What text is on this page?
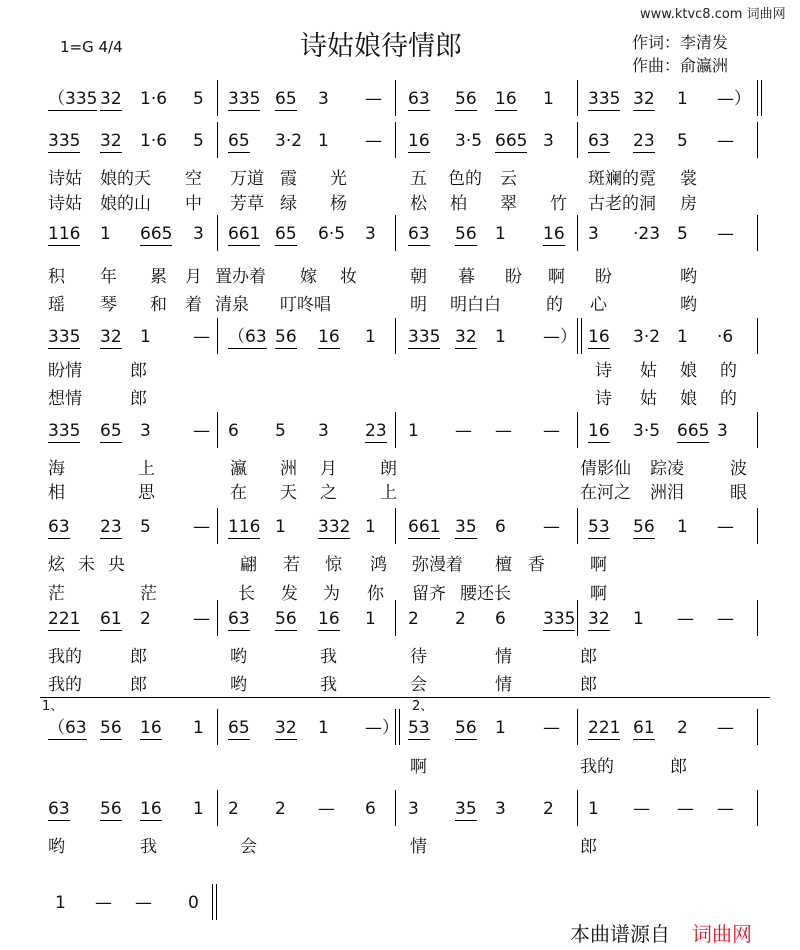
www.ktvc8.com 词曲网
1=G 4/4	诗姑娘待情郎	作词：李清发
作曲：俞瀛洲
（335 32 1·6 5 335 65 3 — 63 56 16 1 335 32 1 —）
335 32 1·6 5 65 3·2 1 — 16 3·5 665 3 63 23 5 —
116 1 665 3 661 65 6·5 3 63 56 1 16 3 ·23 5 —
335 32 1 — （63 56 16 1 335 32 1 —） 16 3·2 1 ·6
335 65 3 — 6 5 3 23 1 — — — 16 3·5 665 3
63 23 5 — 116 1 332 1 661 35 6 — 53 56 1 —
221 61 2 — 63 56 16 1 2 2 6 335 32 1 — —
（63 56 16 1 65 32 1 —） 53 56 1 — 221 61 2 —
63 56 16 1 2 2 — 6 3 35 3 2 1 — — —
1 — — 0
诗姑 娘的天 空 万道 霞 光	五 色的 云	斑斓的霓 裳
诗姑 娘的山 中 芳草 绿 杨	松 柏 翠 竹 古老的洞 房
积 年 累 月 置办着 嫁 妆	朝 暮 盼 啊 盼	哟
瑶 琴 和 着 清泉 叮咚唱	明 明白白	的 心	哟
盼情	郎	诗 姑 娘 的
想情	郎	诗 姑 娘 的
海	上	瀛 洲 月	朗	倩影仙 踪凌	波
相	思	在 天 之	上	在河之 洲泪	眼
炫 未 央	翩 若 惊 鸿 弥漫着 檀 香	啊
茫	茫	长 发 为 你 留齐 腰还长	啊
我的	郎	哟	我	待	情	郎
我的	郎	哟	我	会	情	郎
啊	我的	郎
哟	我	会	情	郎
1、	2、
本曲谱源自 词曲网
